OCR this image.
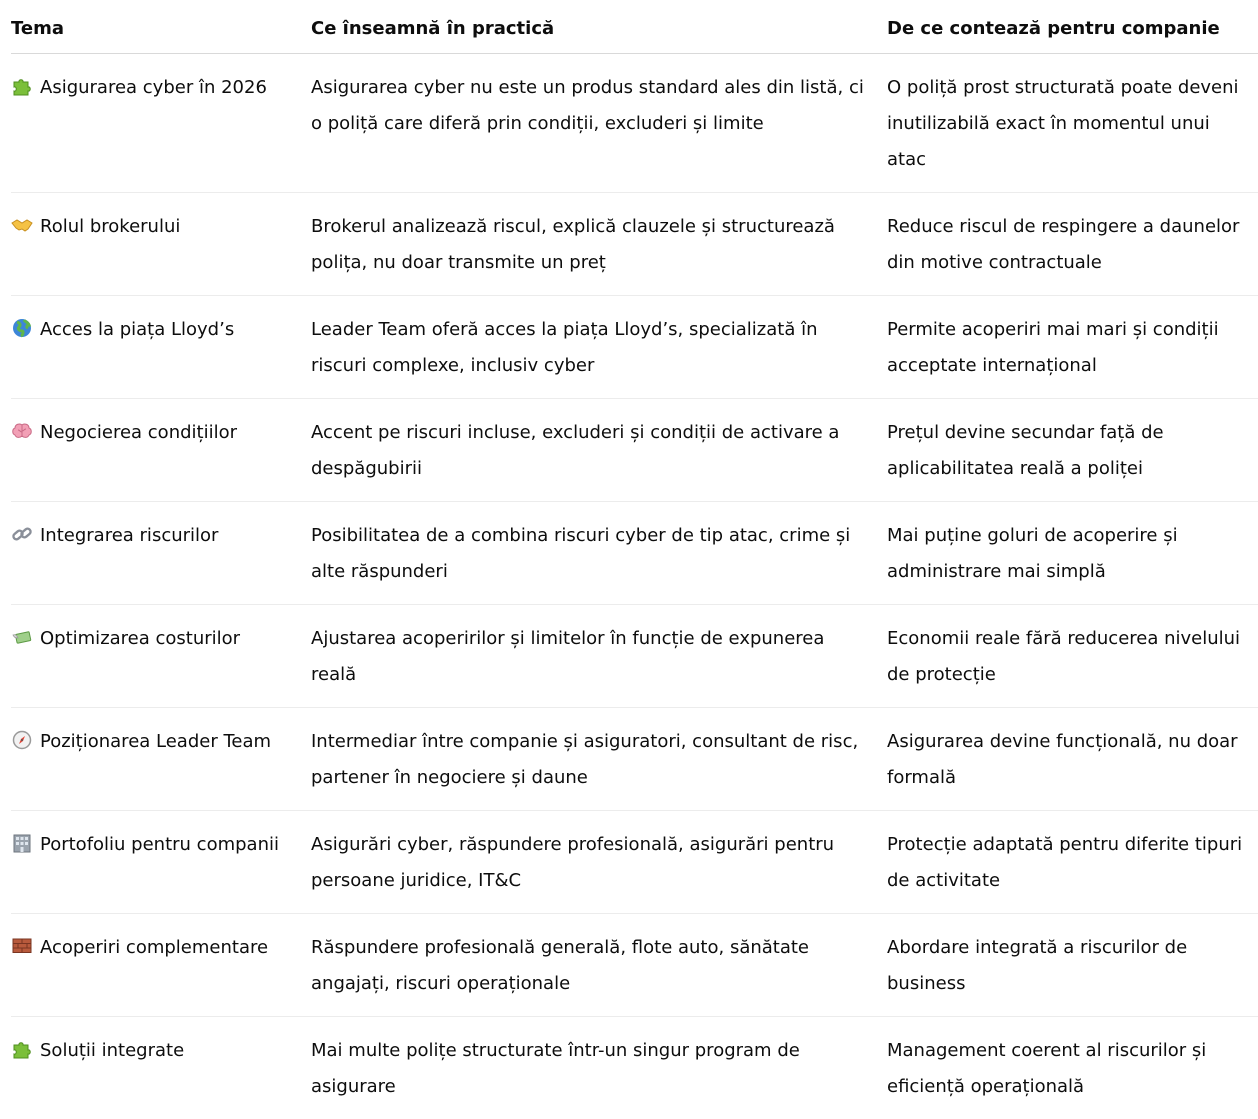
Tema	Ce înseamnă în practică	De ce contează pentru companie

Asigurarea cyber în 2026	Asigurarea cyber nu este un produs standard ales din listă, ci o poliță care diferă prin condiții, excluderi și limite	O poliță prost structurată poate deveni inutilizabilă exact în momentul unui atac

Rolul brokerului	Brokerul analizează riscul, explică clauzele și structurează polița, nu doar transmite un preț	Reduce riscul de respingere a daunelor din motive contractuale

Acces la piața Lloyd’s	Leader Team oferă acces la piața Lloyd’s, specializată în riscuri complexe, inclusiv cyber	Permite acoperiri mai mari și condiții acceptate internațional

Negocierea condițiilor	Accent pe riscuri incluse, excluderi și condiții de activare a despăgubirii	Prețul devine secundar față de aplicabilitatea reală a poliței

Integrarea riscurilor	Posibilitatea de a combina riscuri cyber de tip atac, crime și alte răspunderi	Mai puține goluri de acoperire și administrare mai simplă

Optimizarea costurilor	Ajustarea acoperirilor și limitelor în funcție de expunerea reală	Economii reale fără reducerea nivelului de protecție

Poziționarea Leader Team	Intermediar între companie și asiguratori, consultant de risc, partener în negociere și daune	Asigurarea devine funcțională, nu doar formală

Portofoliu pentru companii	Asigurări cyber, răspundere profesională, asigurări pentru persoane juridice, IT&C	Protecție adaptată pentru diferite tipuri de activitate

Acoperiri complementare	Răspundere profesională generală, flote auto, sănătate angajați, riscuri operaționale	Abordare integrată a riscurilor de business

Soluții integrate	Mai multe polițe structurate într-un singur program de asigurare	Management coerent al riscurilor și eficiență operațională
